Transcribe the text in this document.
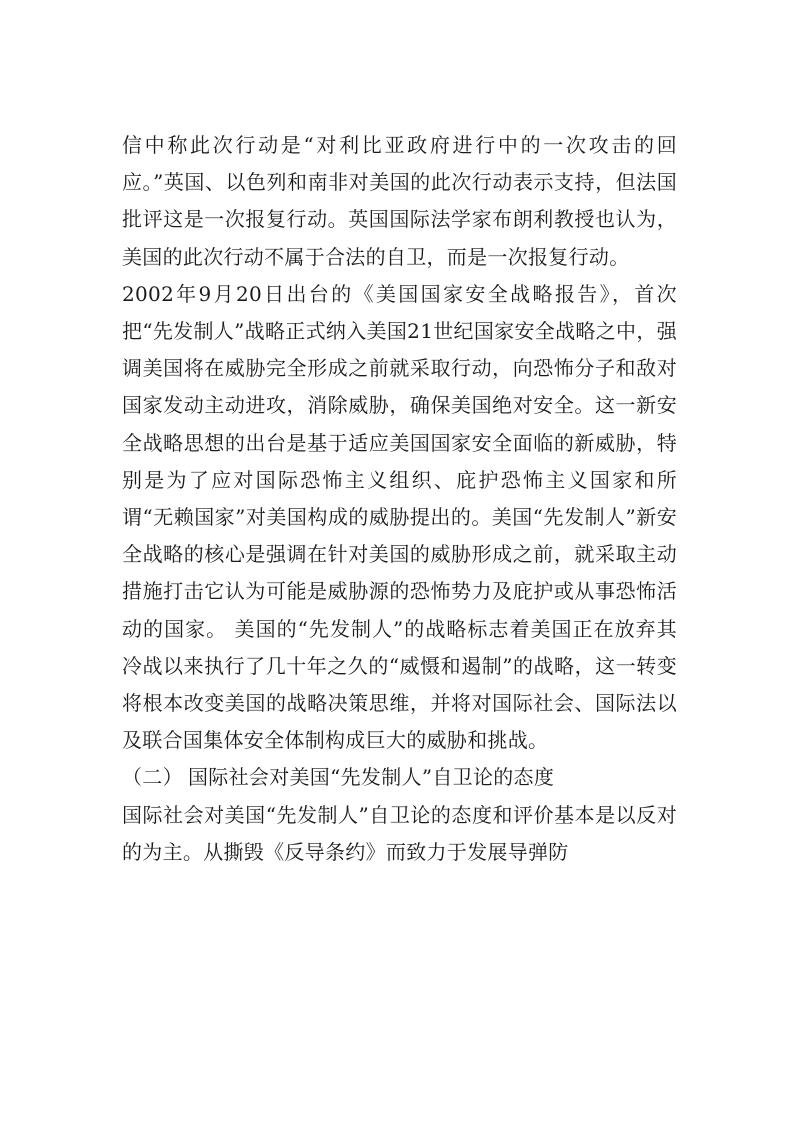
信中称此次行动是“对利比亚政府进行中的一次攻击的回应。”英国、以色列和南非对美国的此次行动表示支持，但法国批评这是一次报复行动。英国国际法学家布朗利教授也认为，美国的此次行动不属于合法的自卫，而是一次报复行动。

2002年9月20日出台的《美国国家安全战略报告》，首次把“先发制人”战略正式纳入美国21世纪国家安全战略之中，强调美国将在威胁完全形成之前就采取行动，向恐怖分子和敌对国家发动主动进攻，消除威胁，确保美国绝对安全。这一新安全战略思想的出台是基于适应美国国家安全面临的新威胁，特别是为了应对国际恐怖主义组织、庇护恐怖主义国家和所谓“无赖国家”对美国构成的威胁提出的。美国“先发制人”新安全战略的核心是强调在针对美国的威胁形成之前，就采取主动措施打击它认为可能是威胁源的恐怖势力及庇护或从事恐怖活动的国家。 美国的“先发制人”的战略标志着美国正在放弃其冷战以来执行了几十年之久的“威慑和遏制”的战略，这一转变将根本改变美国的战略决策思维，并将对国际社会、国际法以及联合国集体安全体制构成巨大的威胁和挑战。

（二） 国际社会对美国“先发制人”自卫论的态度

国际社会对美国“先发制人”自卫论的态度和评价基本是以反对的为主。从撕毁《反导条约》而致力于发展导弹防
